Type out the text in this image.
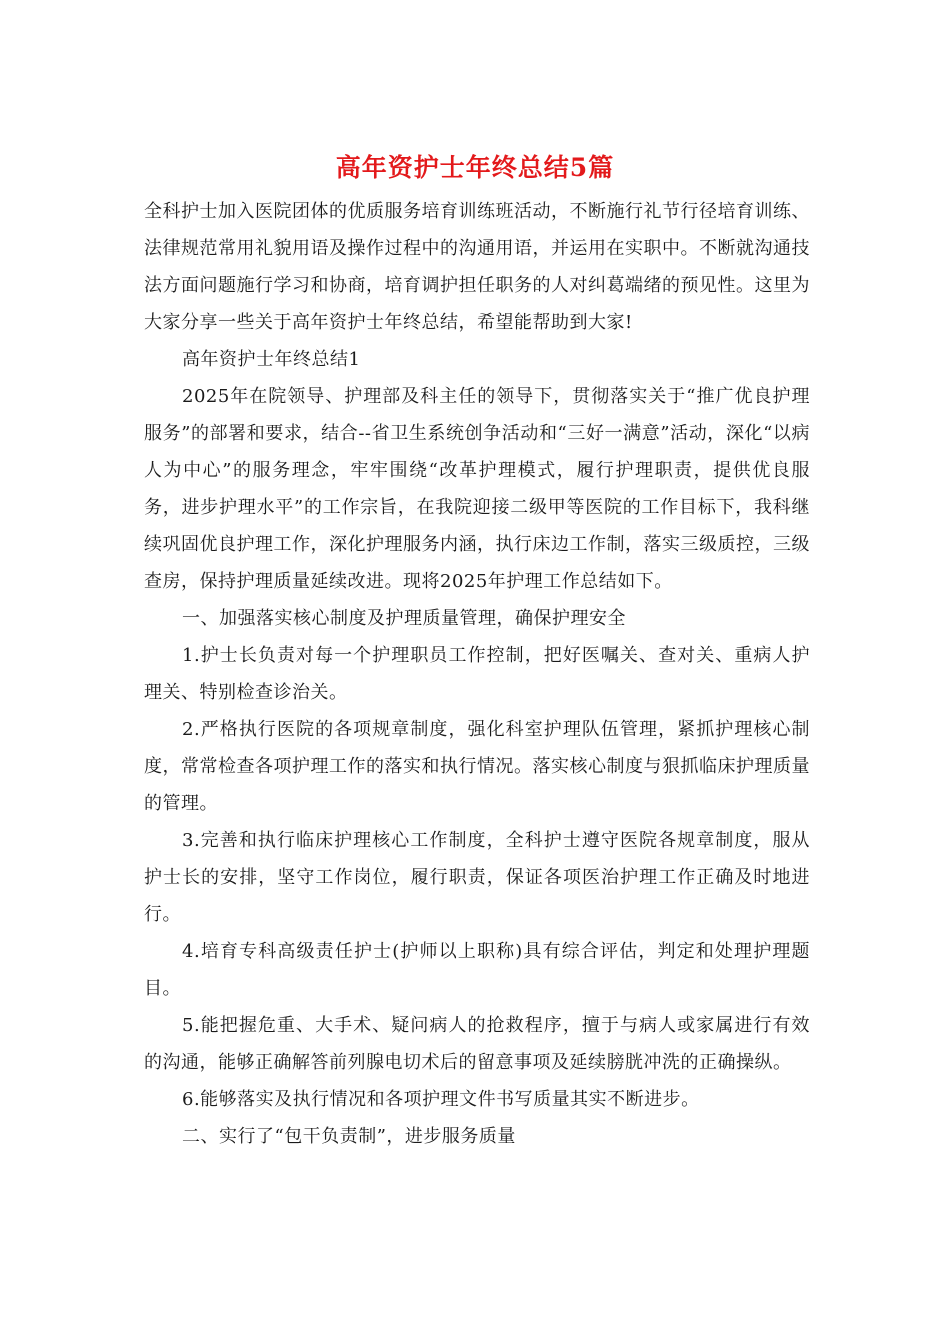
高年资护士年终总结5篇

全科护士加入医院团体的优质服务培育训练班活动，不断施行礼节行径培育训练、法律规范常用礼貌用语及操作过程中的沟通用语，并运用在实职中。不断就沟通技法方面问题施行学习和协商，培育调护担任职务的人对纠葛端绪的预见性。这里为大家分享一些关于高年资护士年终总结，希望能帮助到大家!

高年资护士年终总结1

2025年在院领导、护理部及科主任的领导下，贯彻落实关于“推广优良护理服务”的部署和要求，结合--省卫生系统创争活动和“三好一满意”活动，深化“以病人为中心”的服务理念，牢牢围绕“改革护理模式，履行护理职责，提供优良服务，进步护理水平”的工作宗旨，在我院迎接二级甲等医院的工作目标下，我科继续巩固优良护理工作，深化护理服务内涵，执行床边工作制，落实三级质控，三级查房，保持护理质量延续改进。现将2025年护理工作总结如下。

一、加强落实核心制度及护理质量管理，确保护理安全

1.护士长负责对每一个护理职员工作控制，把好医嘱关、查对关、重病人护理关、特别检查诊治关。

2.严格执行医院的各项规章制度，强化科室护理队伍管理，紧抓护理核心制度，常常检查各项护理工作的落实和执行情况。落实核心制度与狠抓临床护理质量的管理。

3.完善和执行临床护理核心工作制度，全科护士遵守医院各规章制度，服从护士长的安排，坚守工作岗位，履行职责，保证各项医治护理工作正确及时地进行。

4.培育专科高级责任护士(护师以上职称)具有综合评估，判定和处理护理题目。

5.能把握危重、大手术、疑问病人的抢救程序，擅于与病人或家属进行有效的沟通，能够正确解答前列腺电切术后的留意事项及延续膀胱冲洗的正确操纵。

6.能够落实及执行情况和各项护理文件书写质量其实不断进步。

二、实行了“包干负责制”，进步服务质量
